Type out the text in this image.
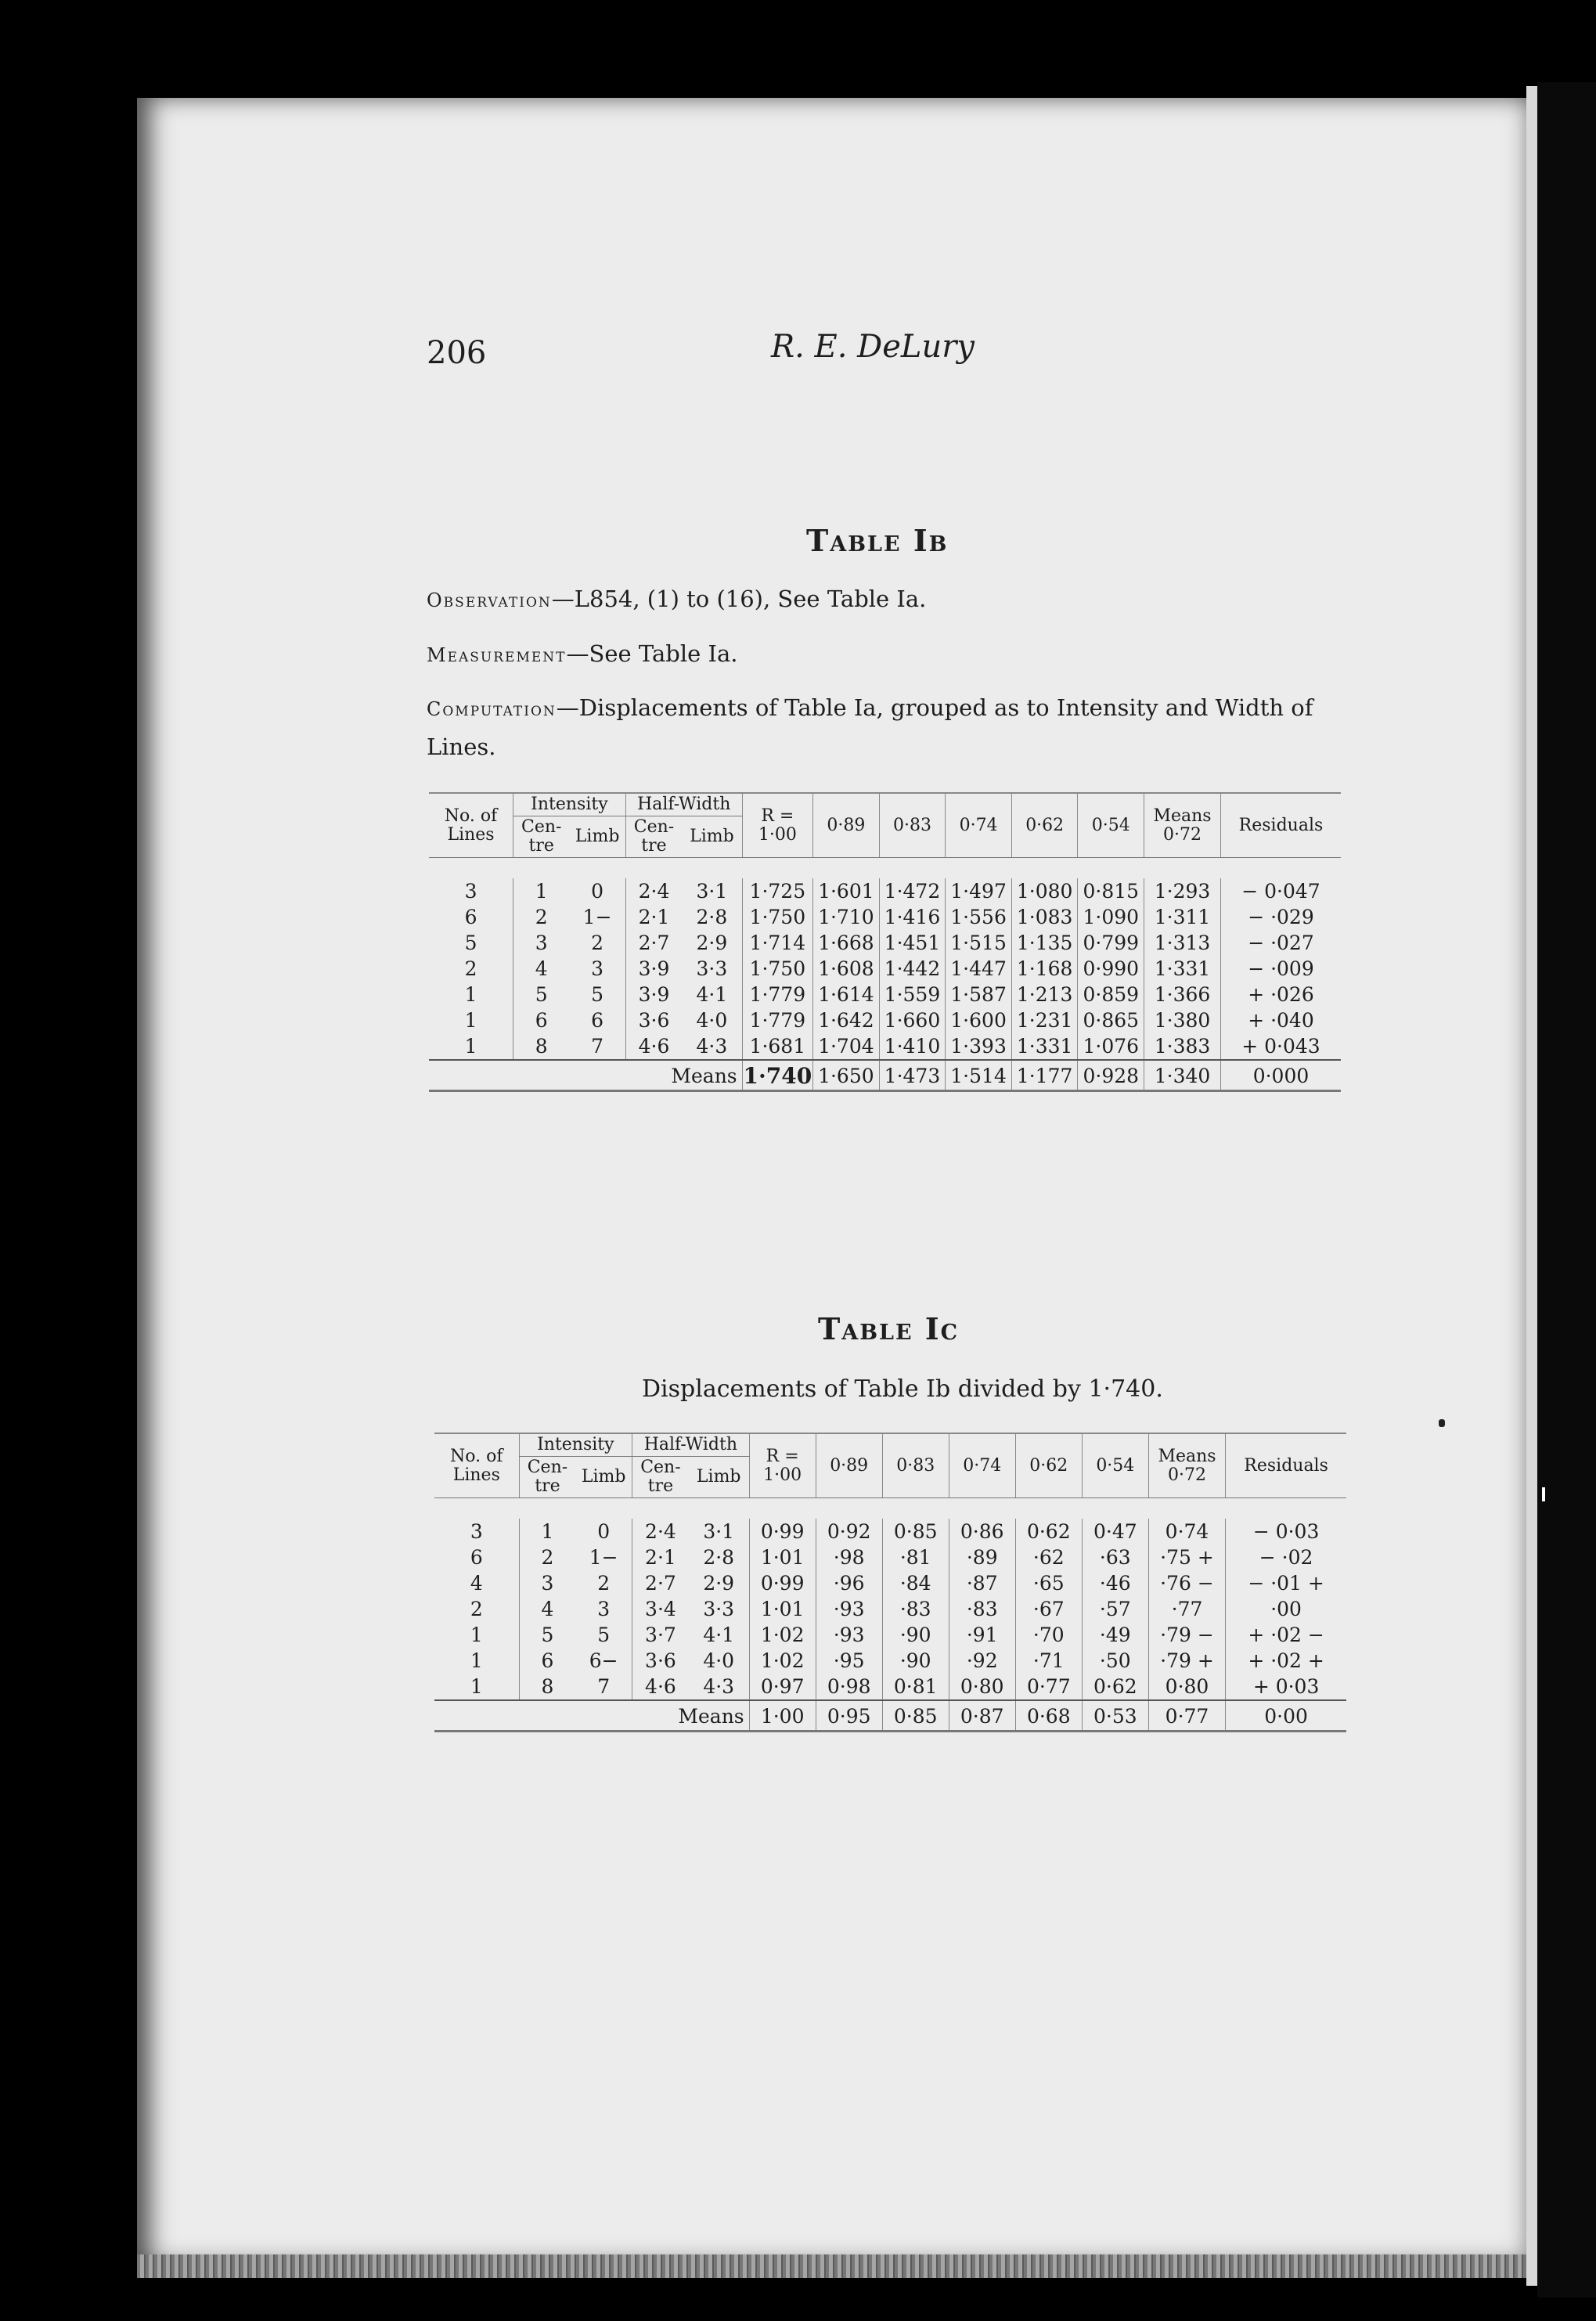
206	R. E. DeLury
Table Ib
Observation—L854, (1) to (16), See Table Ia.
Measurement—See Table Ia.
Computation—Displacements of Table Ia, grouped as to Intensity and Width of Lines.
No. of Lines	Intensity		Half-Width		R = 1·00	0·89	0·83	0·74	0·62	0·54	Means 0·72	Residuals
	Cen-tre	Limb	Cen-tre	Limb								

3	1	0	2·4	3·1	1·725	1·601	1·472	1·497	1·080	0·815	1·293	− 0·047
6	2	1−	2·1	2·8	1·750	1·710	1·416	1·556	1·083	1·090	1·311	− ·029
5	3	2	2·7	2·9	1·714	1·668	1·451	1·515	1·135	0·799	1·313	− ·027
2	4	3	3·9	3·3	1·750	1·608	1·442	1·447	1·168	0·990	1·331	− ·009
1	5	5	3·9	4·1	1·779	1·614	1·559	1·587	1·213	0·859	1·366	+ ·026
1	6	6	3·6	4·0	1·779	1·642	1·660	1·600	1·231	0·865	1·380	+ ·040
1	8	7	4·6	4·3	1·681	1·704	1·410	1·393	1·331	1·076	1·383	+ 0·043
Means					1·740	1·650	1·473	1·514	1·177	0·928	1·340	0·000
Table Ic
Displacements of Table Ib divided by 1·740.
No. of Lines	Intensity		Half-Width		R = 1·00	0·89	0·83	0·74	0·62	0·54	Means 0·72	Residuals
	Cen-tre	Limb	Cen-tre	Limb								

3	1	0	2·4	3·1	0·99	0·92	0·85	0·86	0·62	0·47	0·74	− 0·03
6	2	1−	2·1	2·8	1·01	·98	·81	·89	·62	·63	·75 +	− ·02
4	3	2	2·7	2·9	0·99	·96	·84	·87	·65	·46	·76 −	− ·01 +
2	4	3	3·4	3·3	1·01	·93	·83	·83	·67	·57	·77	·00
1	5	5	3·7	4·1	1·02	·93	·90	·91	·70	·49	·79 −	+ ·02 −
1	6	6−	3·6	4·0	1·02	·95	·90	·92	·71	·50	·79 +	+ ·02 +
1	8	7	4·6	4·3	0·97	0·98	0·81	0·80	0·77	0·62	0·80	+ 0·03
Means					1·00	0·95	0·85	0·87	0·68	0·53	0·77	0·00
